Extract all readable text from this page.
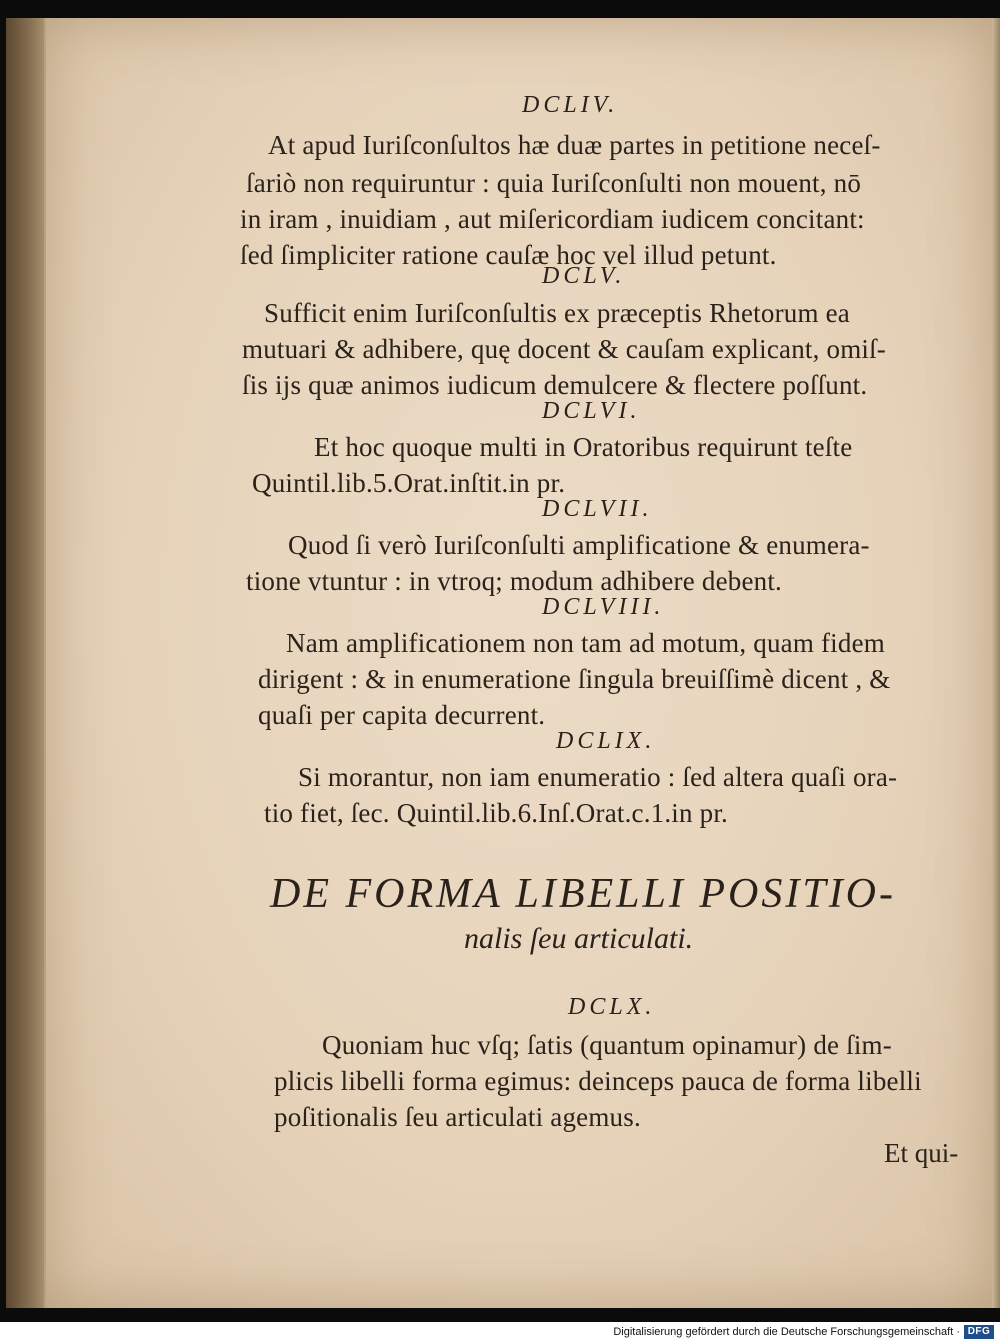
DCLIV.
At apud Iuriſconſultos hæ duæ partes in petitione neceſ-
ſariò non requiruntur : quia Iuriſconſulti non mouent, nō
in iram , inuidiam , aut miſericordiam iudicem concitant:
ſed ſimpliciter ratione cauſæ hoc vel illud petunt.
DCLV.
Sufficit enim Iuriſconſultis ex præceptis Rhetorum ea
mutuari & adhibere, quę docent & cauſam explicant, omiſ-
ſis ijs quæ animos iudicum demulcere & flectere poſſunt.
DCLVI.
Et hoc quoque multi in Oratoribus requirunt teſte
Quintil.lib.5.Orat.inſtit.in pr.
DCLVII.
Quod ſi verò Iuriſconſulti amplificatione & enumera-
tione vtuntur : in vtroq; modum adhibere debent.
DCLVIII.
Nam amplificationem non tam ad motum, quam fidem
dirigent : & in enumeratione ſingula breuiſſimè dicent , &
quaſi per capita decurrent.
DCLIX.
Si morantur, non iam enumeratio : ſed altera quaſi ora-
tio fiet, ſec. Quintil.lib.6.Inſ.Orat.c.1.in pr.
DE FORMA LIBELLI POSITIO-
nalis ſeu articulati.
DCLX.
Quoniam huc vſq; ſatis (quantum opinamur) de ſim-
plicis libelli forma egimus: deinceps pauca de forma libelli
poſitionalis ſeu articulati agemus.
Et qui-
Digitalisierung gefördert durch die Deutsche Forschungsgemeinschaft · DFG
